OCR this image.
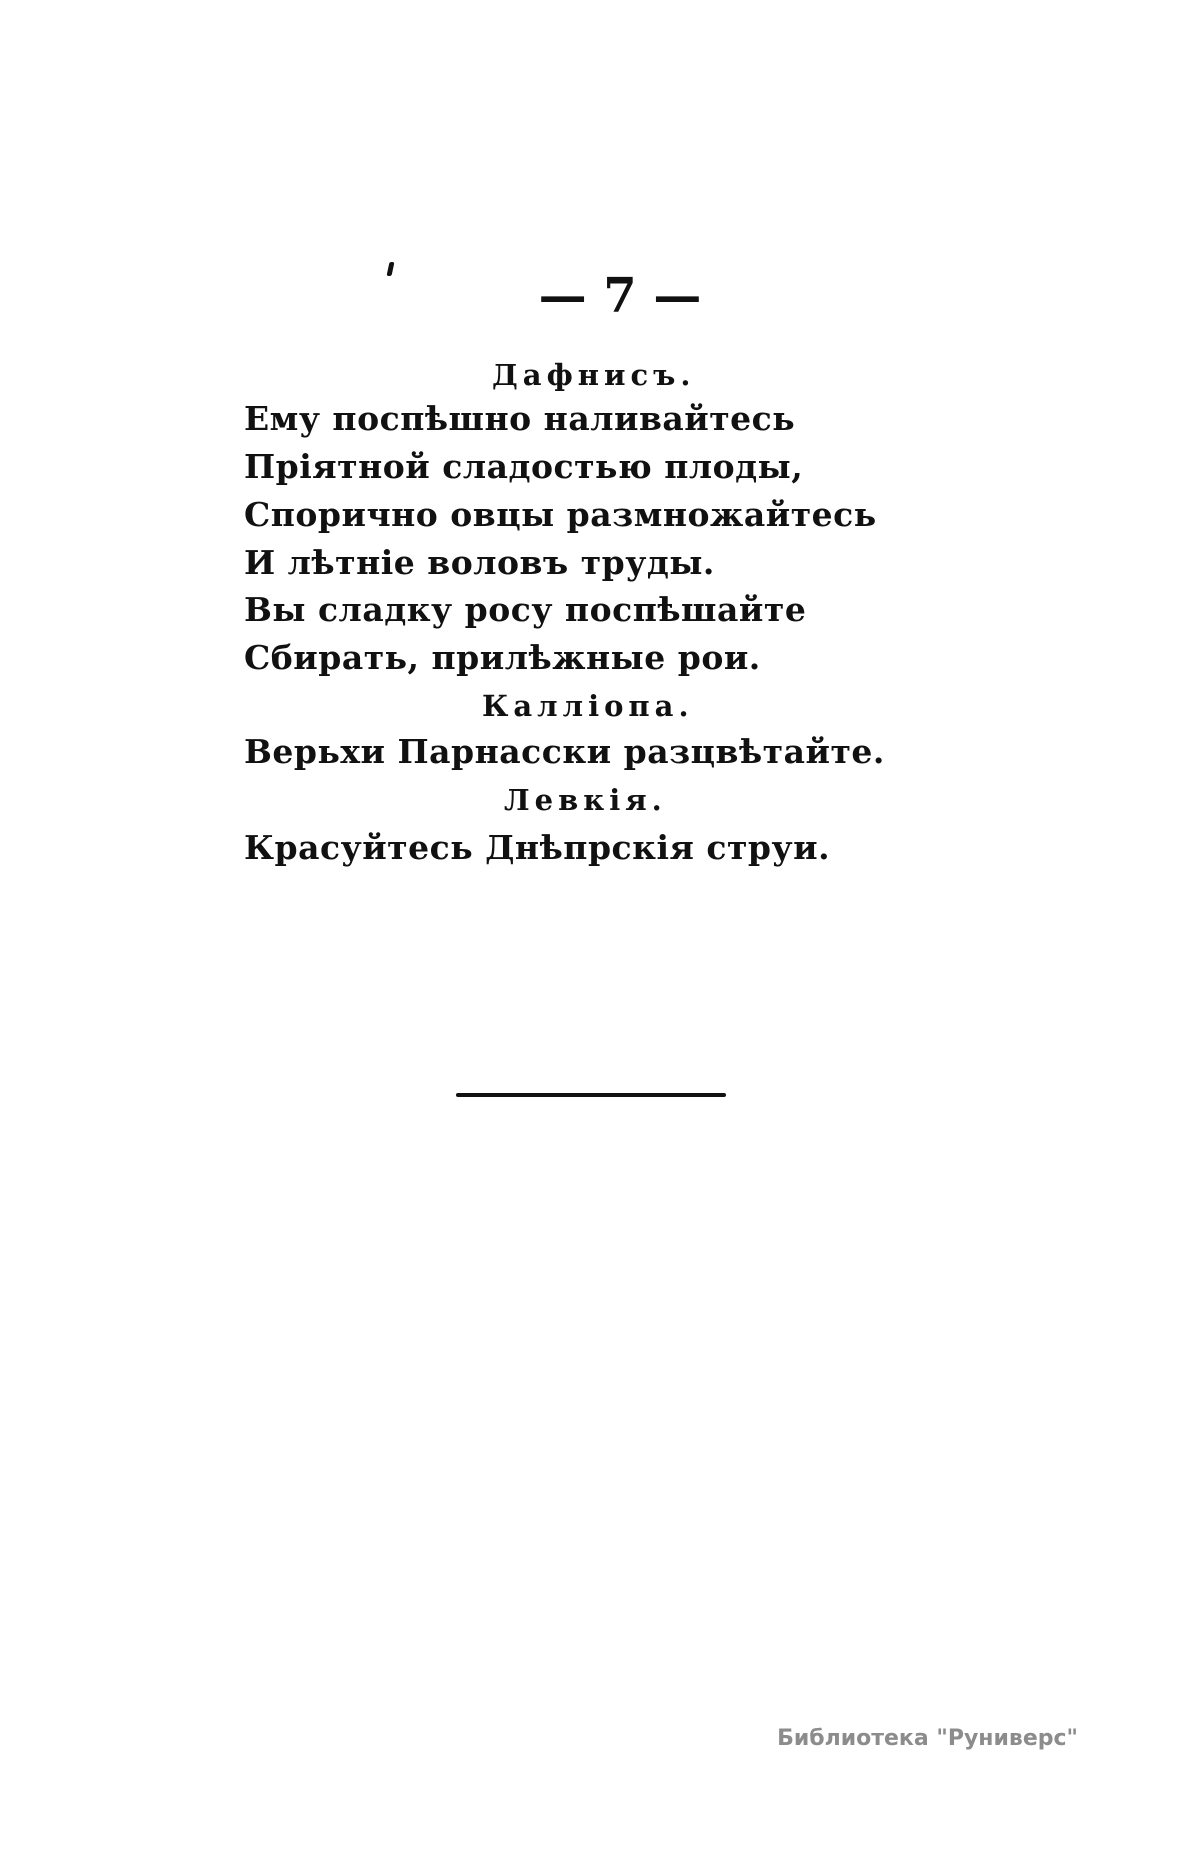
— 7 —
Дафнисъ.
Ему поспѣшно наливайтесь
Пріятной сладостью плоды,
Спорично овцы размножайтесь
И лѣтніе воловъ труды.
Вы сладку росу поспѣшайте
Сбирать, прилѣжные рои.
Каллiопа.
Верьхи Парнасски разцвѣтайте.
Левкія.
Красуйтесь Днѣпрскія струи.
Библиотека "Руниверс"
